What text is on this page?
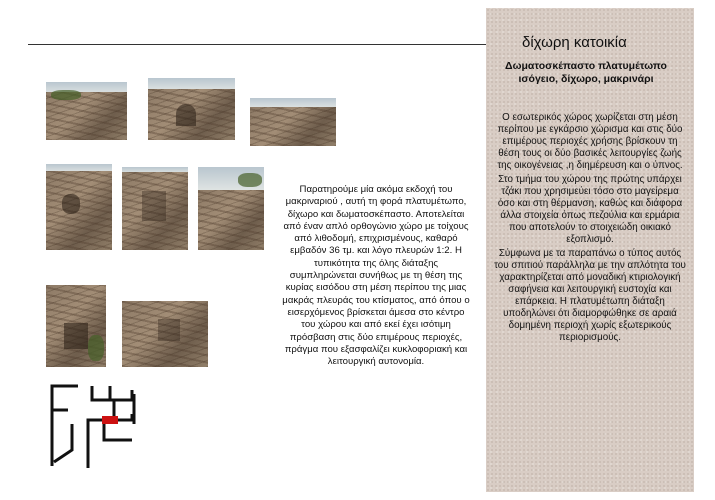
δίχωρη κατοικία
Δωματοσκέπαστο πλατυμέτωπο ισόγειο, δίχωρο, μακρινάρι

Ο εσωτερικός χώρος χωρίζεται στη μέση περίπου με εγκάρσιο χώρισμα και στις δύο επιμέρους περιοχές χρήσης βρίσκουν τη θέση τους οι δύο βασικές λειτουργίες ζωής της οικογένειας ,η διημέρευση και ο ύπνος.

Στο τμήμα του χώρου της πρώτης υπάρχει τζάκι που χρησιμεύει τόσο στο μαγείρεμα όσο και στη θέρμανση, καθώς και διάφορα άλλα στοιχεία όπως πεζούλια και ερμάρια που αποτελούν το στοιχειώδη οικιακό εξοπλισμό.

Σύμφωνα με τα παραπάνω ο τύπος αυτός του σπιτιού παράλληλα με την απλότητα του χαρακτηρίζεται από μοναδική κτιριολογική σαφήνεια και λειτουργική ευστοχία και επάρκεια. Η πλατυμέτωπη διάταξη υποδηλώνει ότι διαμορφώθηκε σε αραιά δομημένη περιοχή χωρίς εξωτερικούς περιορισμούς.

Παρατηρούμε μία ακόμα εκδοχή του μακριναριού , αυτή τη φορά πλατυμέτωπο, δίχωρο και δωματοσκέπαστο. Αποτελείται από έναν απλό ορθογώνιο χώρο με τοίχους από λιθοδομή, επιχρισμένους, καθαρό εμβαδόν 36 τμ. και λόγο πλευρών 1:2. Η τυπικότητα της όλης διάταξης συμπληρώνεται συνήθως με τη θέση της κυρίας εισόδου στη μέση περίπου της μιας μακράς πλευράς του κτίσματος, από όπου ο εισερχόμενος βρίσκεται άμεσα στο κέντρο του χώρου και από εκεί έχει ισότιμη πρόσβαση στις δύο επιμέρους περιοχές, πράγμα που εξασφαλίζει κυκλοφοριακή και λειτουργική αυτονομία.
